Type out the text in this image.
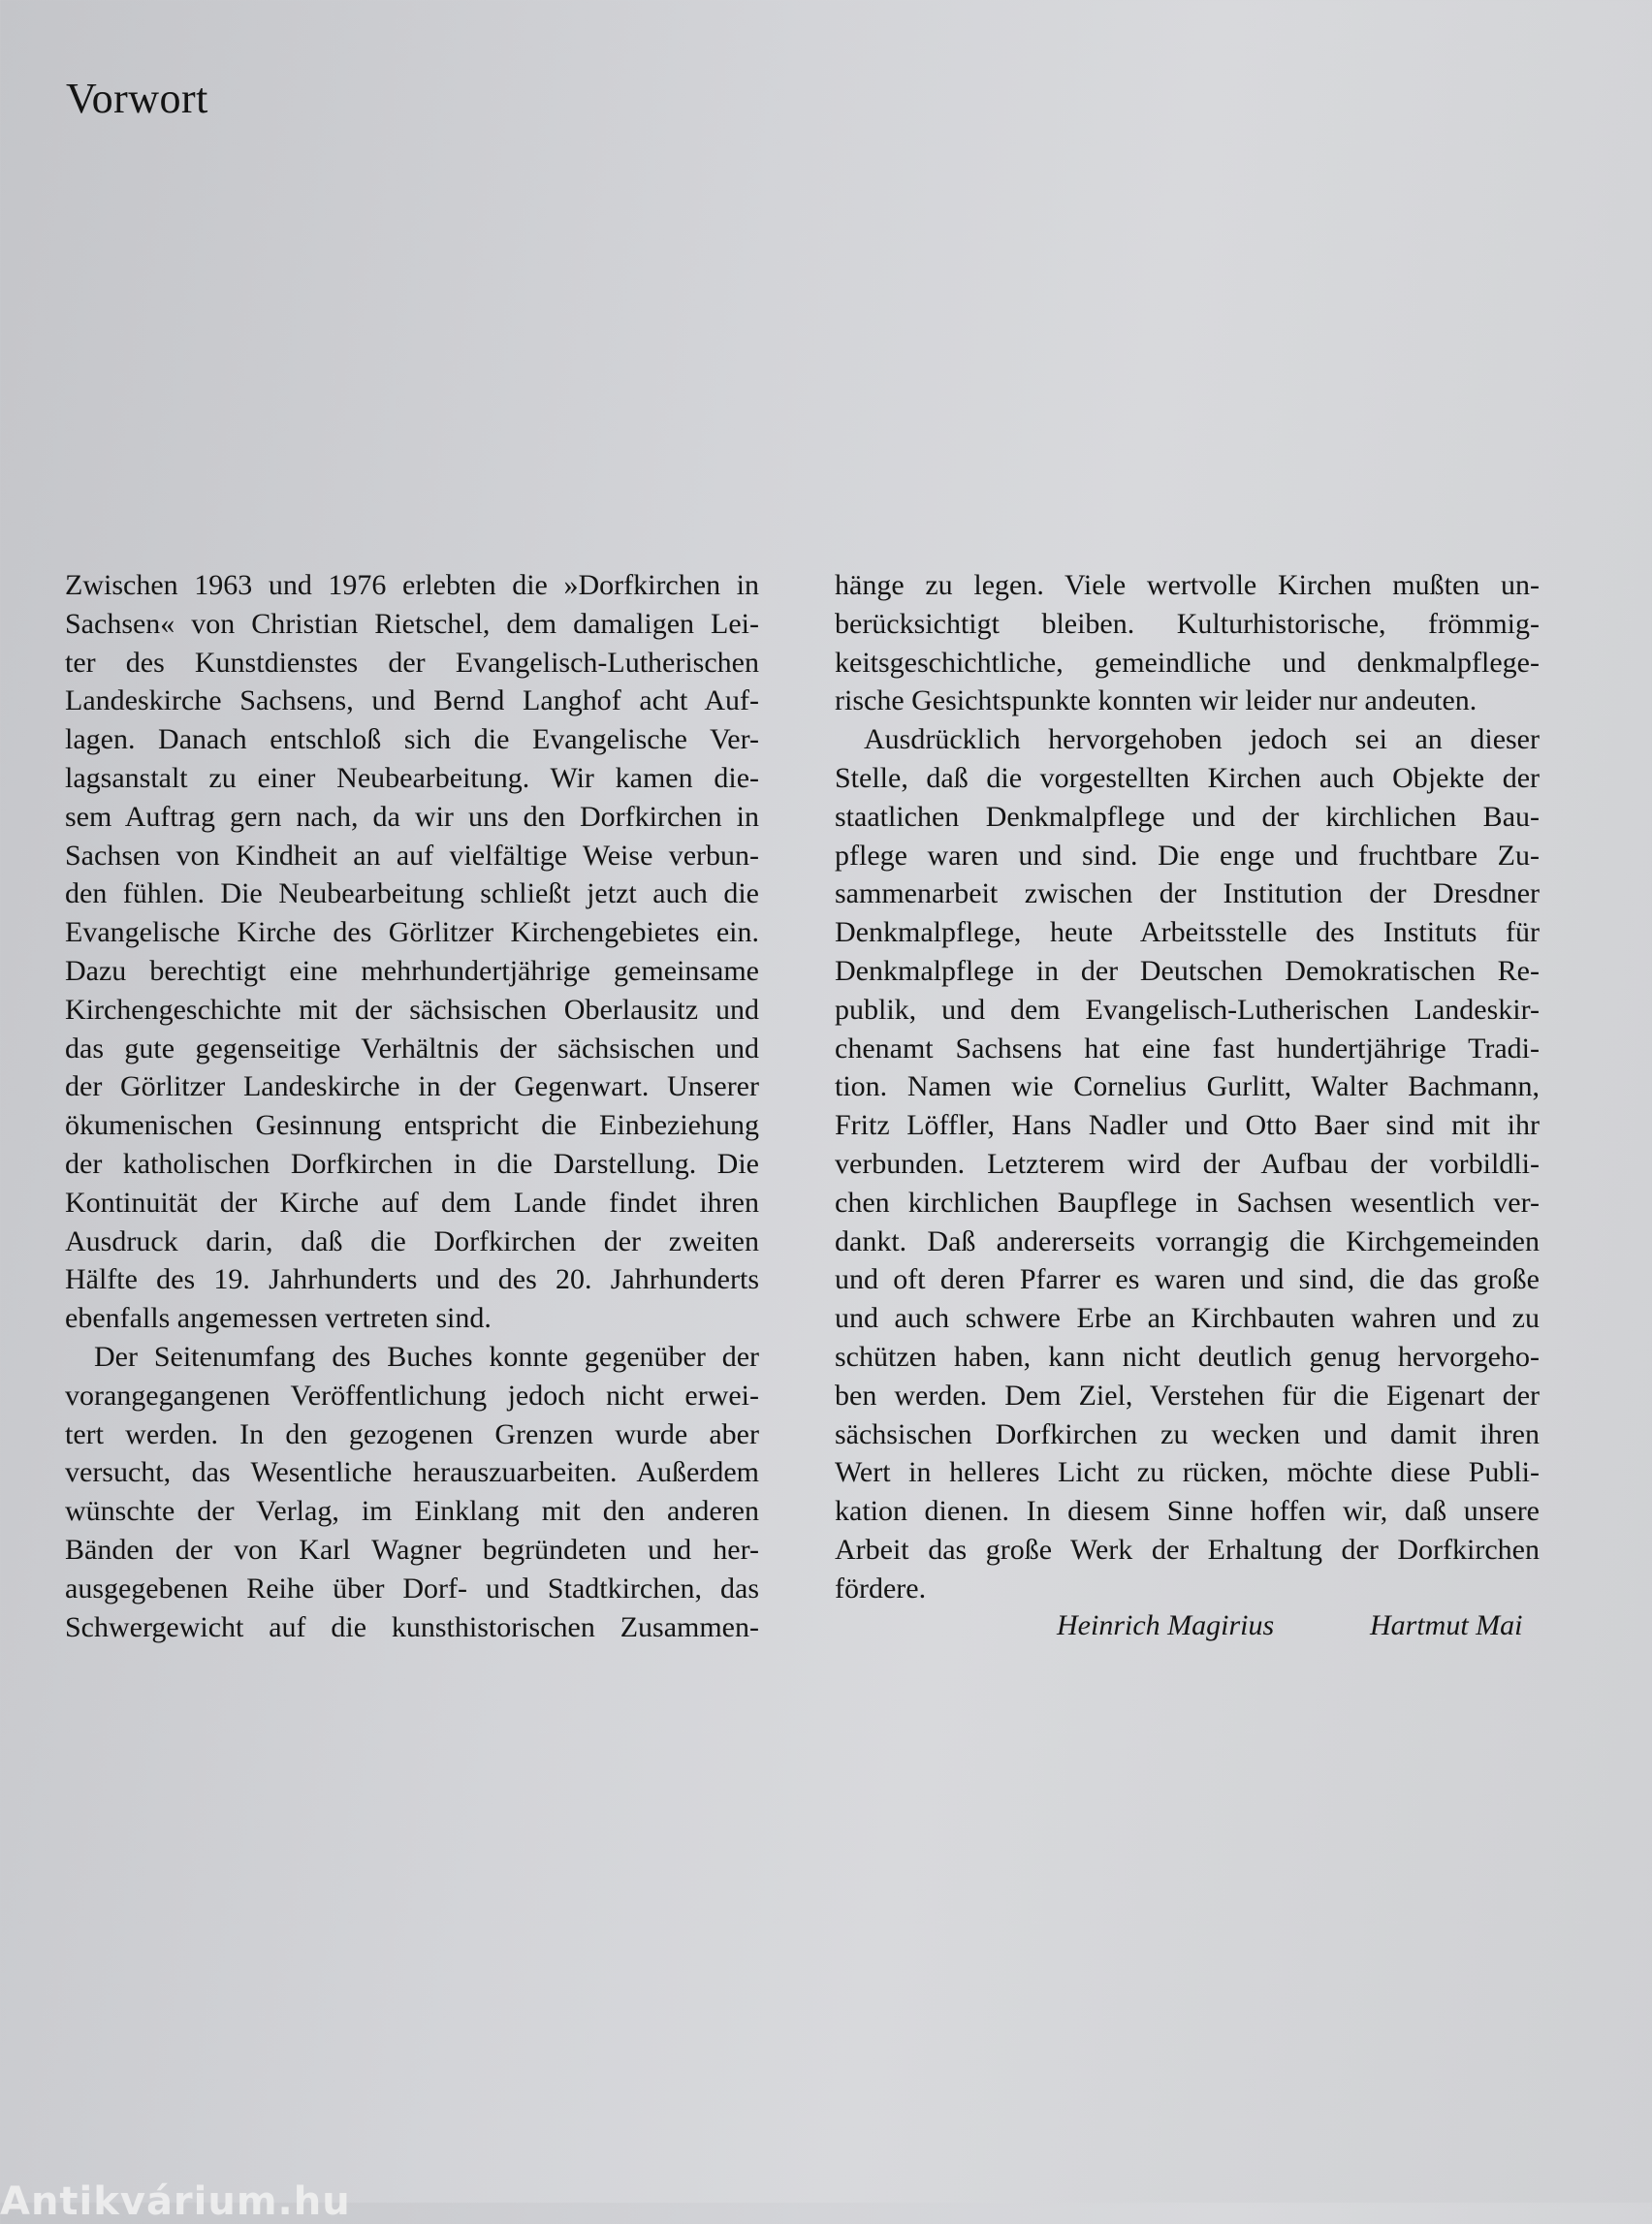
Vorwort
Zwischen 1963 und 1976 erlebten die »Dorfkirchen in
Sachsen« von Christian Rietschel, dem damaligen Lei-
ter des Kunstdienstes der Evangelisch-Lutherischen
Landeskirche Sachsens, und Bernd Langhof acht Auf-
lagen. Danach entschloß sich die Evangelische Ver-
lagsanstalt zu einer Neubearbeitung. Wir kamen die-
sem Auftrag gern nach, da wir uns den Dorfkirchen in
Sachsen von Kindheit an auf vielfältige Weise verbun-
den fühlen. Die Neubearbeitung schließt jetzt auch die
Evangelische Kirche des Görlitzer Kirchengebietes ein.
Dazu berechtigt eine mehrhundertjährige gemeinsame
Kirchengeschichte mit der sächsischen Oberlausitz und
das gute gegenseitige Verhältnis der sächsischen und
der Görlitzer Landeskirche in der Gegenwart. Unserer
ökumenischen Gesinnung entspricht die Einbeziehung
der katholischen Dorfkirchen in die Darstellung. Die
Kontinuität der Kirche auf dem Lande findet ihren
Ausdruck darin, daß die Dorfkirchen der zweiten
Hälfte des 19. Jahrhunderts und des 20. Jahrhunderts
ebenfalls angemessen vertreten sind.
Der Seitenumfang des Buches konnte gegenüber der
vorangegangenen Veröffentlichung jedoch nicht erwei-
tert werden. In den gezogenen Grenzen wurde aber
versucht, das Wesentliche herauszuarbeiten. Außerdem
wünschte der Verlag, im Einklang mit den anderen
Bänden der von Karl Wagner begründeten und her-
ausgegebenen Reihe über Dorf- und Stadtkirchen, das
Schwergewicht auf die kunsthistorischen Zusammen-
hänge zu legen. Viele wertvolle Kirchen mußten un-
berücksichtigt bleiben. Kulturhistorische, frömmig-
keitsgeschichtliche, gemeindliche und denkmalpflege-
rische Gesichtspunkte konnten wir leider nur andeuten.
Ausdrücklich hervorgehoben jedoch sei an dieser
Stelle, daß die vorgestellten Kirchen auch Objekte der
staatlichen Denkmalpflege und der kirchlichen Bau-
pflege waren und sind. Die enge und fruchtbare Zu-
sammenarbeit zwischen der Institution der Dresdner
Denkmalpflege, heute Arbeitsstelle des Instituts für
Denkmalpflege in der Deutschen Demokratischen Re-
publik, und dem Evangelisch-Lutherischen Landeskir-
chenamt Sachsens hat eine fast hundertjährige Tradi-
tion. Namen wie Cornelius Gurlitt, Walter Bachmann,
Fritz Löffler, Hans Nadler und Otto Baer sind mit ihr
verbunden. Letzterem wird der Aufbau der vorbildli-
chen kirchlichen Baupflege in Sachsen wesentlich ver-
dankt. Daß andererseits vorrangig die Kirchgemeinden
und oft deren Pfarrer es waren und sind, die das große
und auch schwere Erbe an Kirchbauten wahren und zu
schützen haben, kann nicht deutlich genug hervorgeho-
ben werden. Dem Ziel, Verstehen für die Eigenart der
sächsischen Dorfkirchen zu wecken und damit ihren
Wert in helleres Licht zu rücken, möchte diese Publi-
kation dienen. In diesem Sinne hoffen wir, daß unsere
Arbeit das große Werk der Erhaltung der Dorfkirchen
fördere.
Heinrich Magirius	Hartmut Mai
Antikvárium.hu
